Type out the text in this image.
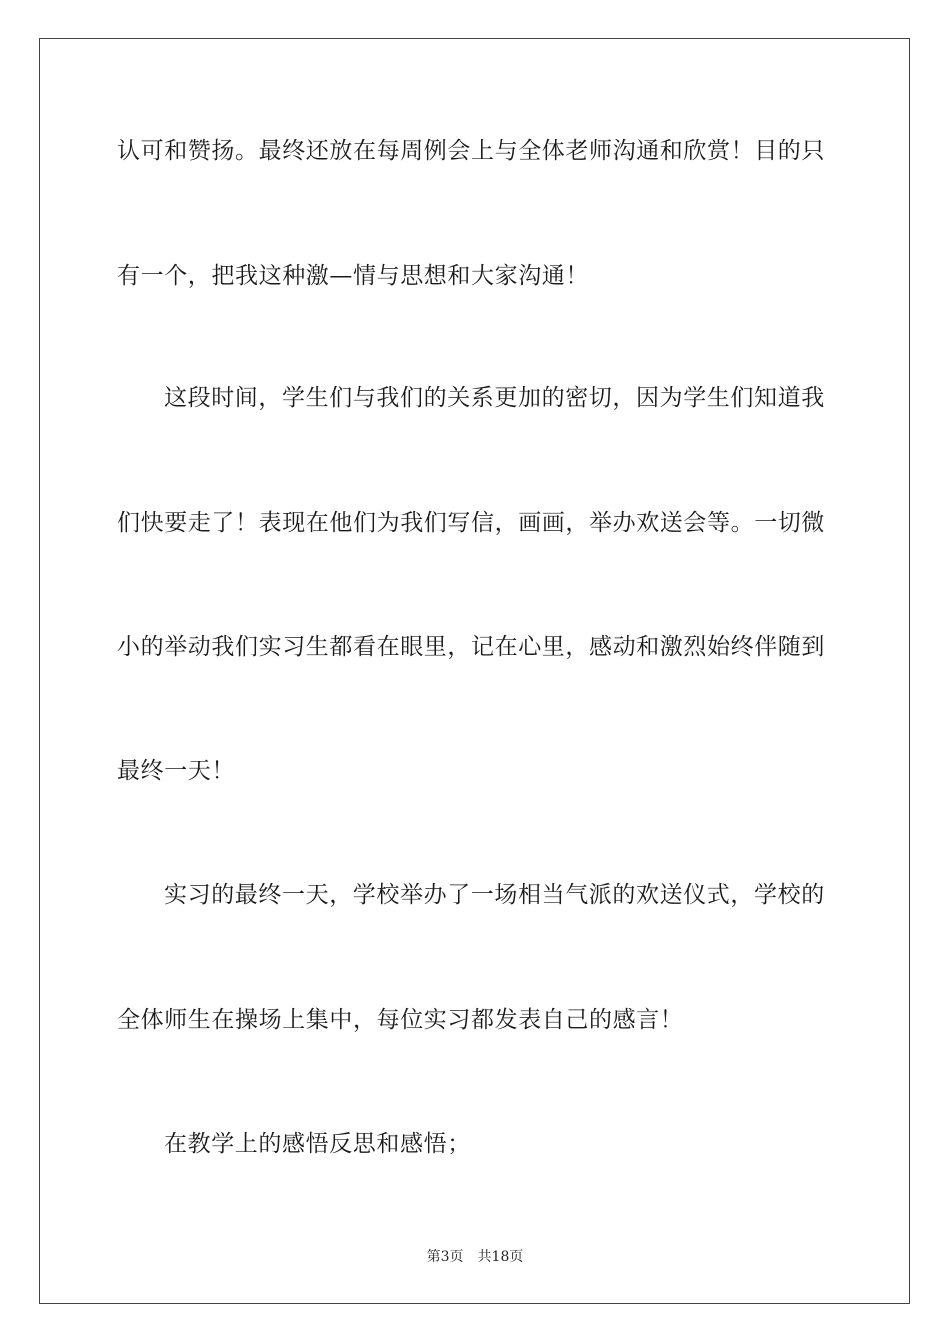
认可和赞扬。最终还放在每周例会上与全体老师沟通和欣赏！目的只
有一个，把我这种激—情与思想和大家沟通！
这段时间，学生们与我们的关系更加的密切，因为学生们知道我
们快要走了！表现在他们为我们写信，画画，举办欢送会等。一切微
小的举动我们实习生都看在眼里，记在心里，感动和激烈始终伴随到
最终一天！
实习的最终一天，学校举办了一场相当气派的欢送仪式，学校的
全体师生在操场上集中，每位实习都发表自己的感言！
在教学上的感悟反思和感悟；
第3页 共18页
